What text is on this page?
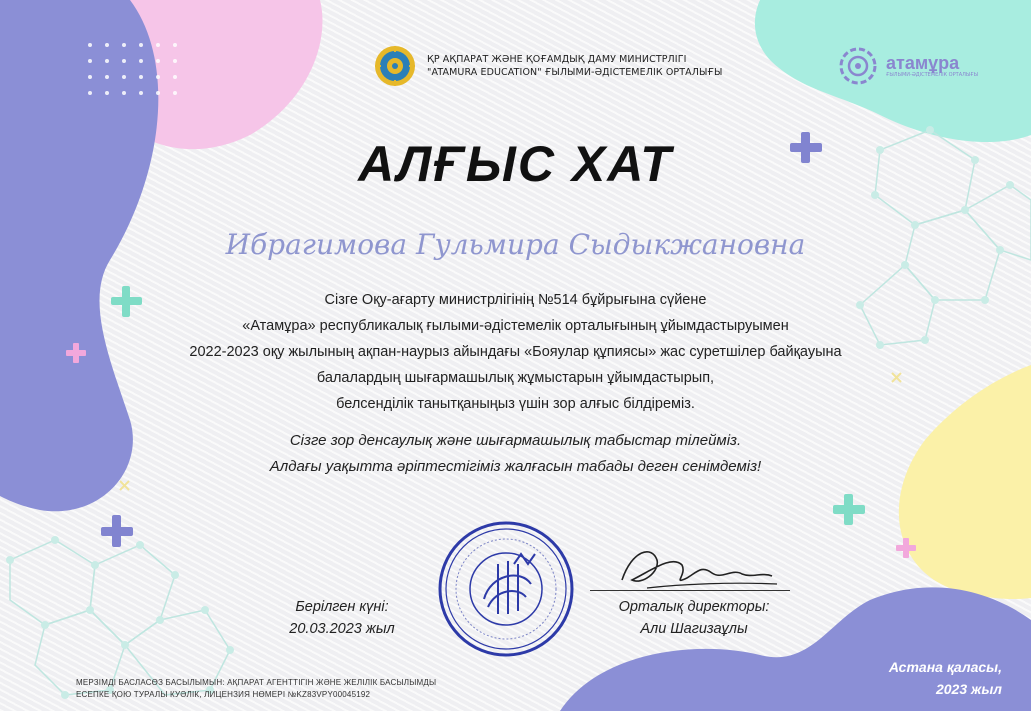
ҚР АҚПАРАТ ЖӘНЕ ҚОҒАМДЫҚ ДАМУ МИНИСТРЛІГІ
"ATAMURA EDUCATION" ҒЫЛЫМИ-ӘДІСТЕМЕЛІК ОРТАЛЫҒЫ	атамұра
ҒЫЛЫМИ-ӘДІСТЕМЕЛІК ОРТАЛЫҒЫ
АЛҒЫС ХАТ
Ибрагимова Гульмира Сыдыкжановна
Сізге Оқу-ағарту министрлігінің №514 бұйрығына сүйене
«Атамұра» республикалық ғылыми-әдістемелік орталығының ұйымдастыруымен
2022-2023 оқу жылының ақпан-наурыз айындағы «Бояулар құпиясы» жас суретшілер байқауына
балалардың шығармашылық жұмыстарын ұйымдастырып,
белсенділік танытқаныңыз үшін зор алғыс білдіреміз.
Сізге зор денсаулық және шығармашылық табыстар тілейміз.
Алдағы уақытта әріптестігіміз жалғасын табады деген сенімдеміз!
Берілген күні:
20.03.2023 жыл
Орталық директоры:
Али Шагизаұлы
МЕРЗІМДІ БАСЛАСӨЗ БАСЫЛЫМЫН: АҚПАРАТ АГЕНТТІГІН ЖӘНЕ ЖЕЛІЛІК БАСЫЛЫМДЫ
ЕСЕПКЕ ҚОЮ ТУРАЛЫ КУӘЛІК, ЛИЦЕНЗИЯ НӨМЕРІ №KZ83VPY00045192
Астана қаласы,
2023 жыл
